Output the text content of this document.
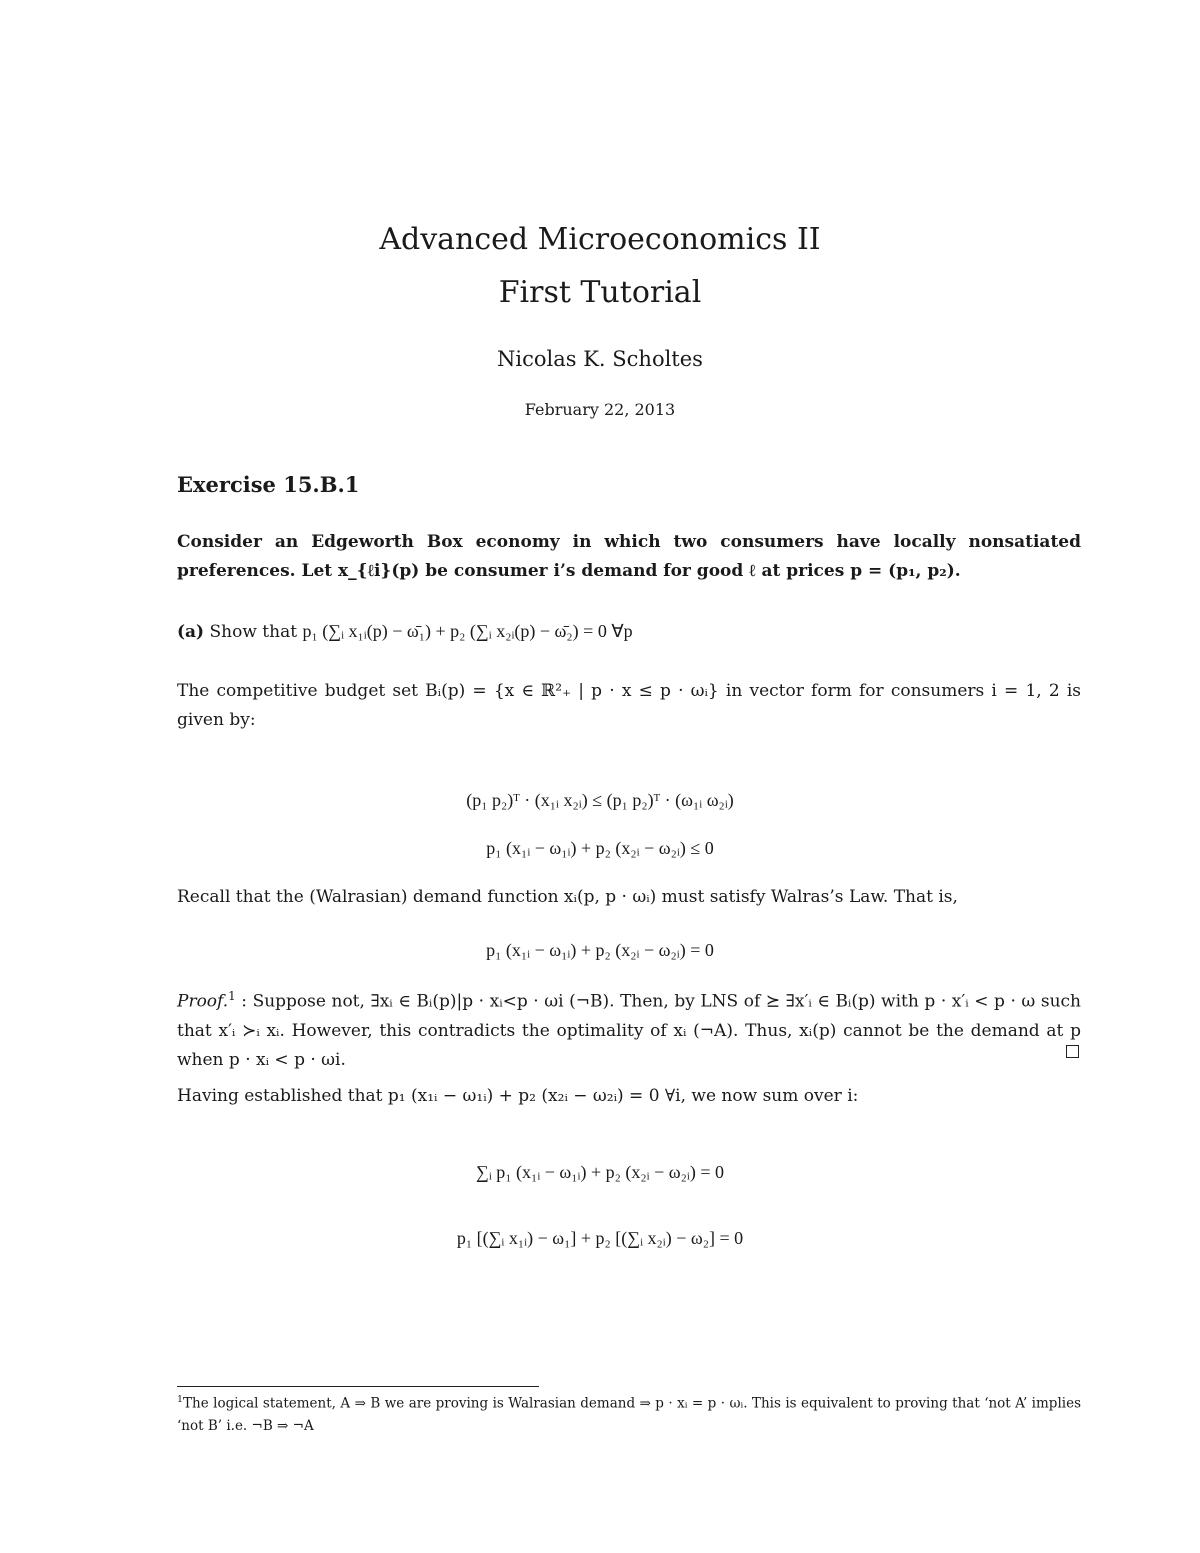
Advanced Microeconomics II
First Tutorial
Nicolas K. Scholtes
February 22, 2013
Exercise 15.B.1
Consider an Edgeworth Box economy in which two consumers have locally nonsatiated preferences. Let x_{ℓi}(p) be consumer i’s demand for good ℓ at prices p = (p₁, p₂).
(a) Show that p₁ (∑ᵢ x₁ᵢ(p) − ω̄₁) + p₂ (∑ᵢ x₂ᵢ(p) − ω̄₂) = 0 ∀p
The competitive budget set Bᵢ(p) = {x ∈ ℝ²₊ | p · x ≤ p · ωᵢ} in vector form for consumers i = 1, 2 is given by:
(p₁ p₂)ᵀ · (x₁ᵢ x₂ᵢ) ≤ (p₁ p₂)ᵀ · (ω₁ᵢ ω₂ᵢ)
p₁ (x₁ᵢ − ω₁ᵢ) + p₂ (x₂ᵢ − ω₂ᵢ) ≤ 0
Recall that the (Walrasian) demand function xᵢ(p, p · ωᵢ) must satisfy Walras’s Law. That is,
p₁ (x₁ᵢ − ω₁ᵢ) + p₂ (x₂ᵢ − ω₂ᵢ) = 0
Proof.$^1$ : Suppose not, ∃xᵢ ∈ Bᵢ(p)|p · xᵢ<p · ωi (¬B). Then, by LNS of ⪰ ∃x′ᵢ ∈ Bᵢ(p) with p · x′ᵢ < p · ω such that x′ᵢ ≻ᵢ xᵢ. However, this contradicts the optimality of xᵢ (¬A). Thus, xᵢ(p) cannot be the demand at p when p · xᵢ < p · ωi.
Having established that p₁ (x₁ᵢ − ω₁ᵢ) + p₂ (x₂ᵢ − ω₂ᵢ) = 0 ∀i, we now sum over i:
∑ᵢ p₁ (x₁ᵢ − ω₁ᵢ) + p₂ (x₂ᵢ − ω₂ᵢ) = 0
p₁ [(∑ᵢ x₁ᵢ) − ω₁] + p₂ [(∑ᵢ x₂ᵢ) − ω₂] = 0
$^1$The logical statement, A ⇒ B we are proving is Walrasian demand ⇒ p · xᵢ = p · ωᵢ. This is equivalent to proving that ‘not A’ implies ‘not B’ i.e. ¬B ⇒ ¬A
